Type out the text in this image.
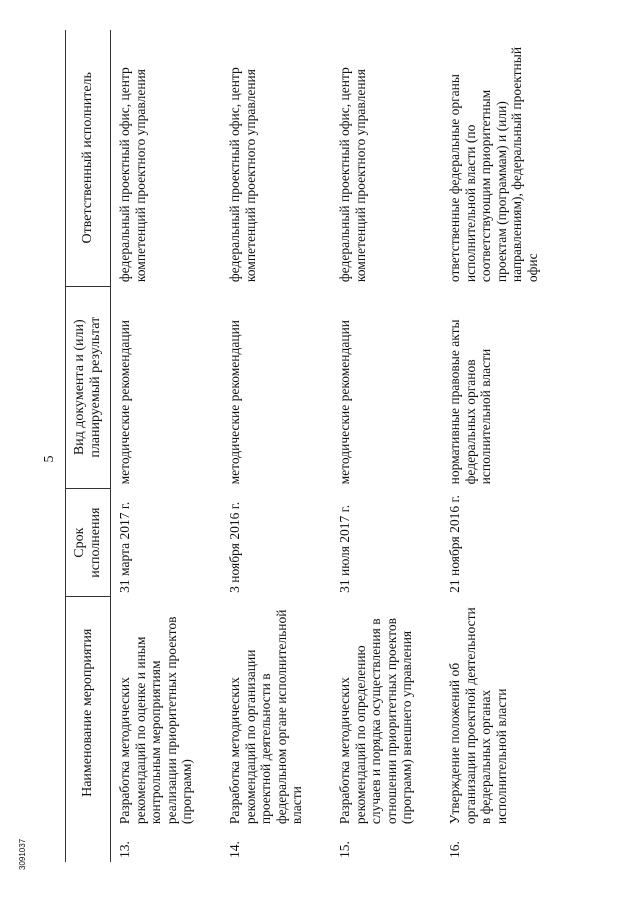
5
	Наименование мероприятия	Срок исполнения	Вид документа и (или) планируемый результат	Ответственный исполнитель
13.	Разработка методических рекомендаций по оценке и иным контрольным мероприятиям реализации приоритетных проектов (программ)	31 марта 2017 г.	методические рекомендации	федеральный проектный офис, центр компетенций проектного управления
14.	Разработка методических рекомендаций по организации проектной деятельности в федеральном органе исполнительной власти	3 ноября 2016 г.	методические рекомендации	федеральный проектный офис, центр компетенций проектного управления
15.	Разработка методических рекомендаций по определению случаев и порядка осуществления в отношении приоритетных проектов (программ) внешнего управления	31 июля 2017 г.	методические рекомендации	федеральный проектный офис, центр компетенций проектного управления
16.	Утверждение положений об организации проектной деятельности в федеральных органах исполнительной власти	21 ноября 2016 г.	нормативные правовые акты федеральных органов исполнительной власти	ответственные федеральные органы исполнительной власти (по соответствующим приоритетным проектам (программам) и (или) направлениям), федеральный проектный офис
3091037
